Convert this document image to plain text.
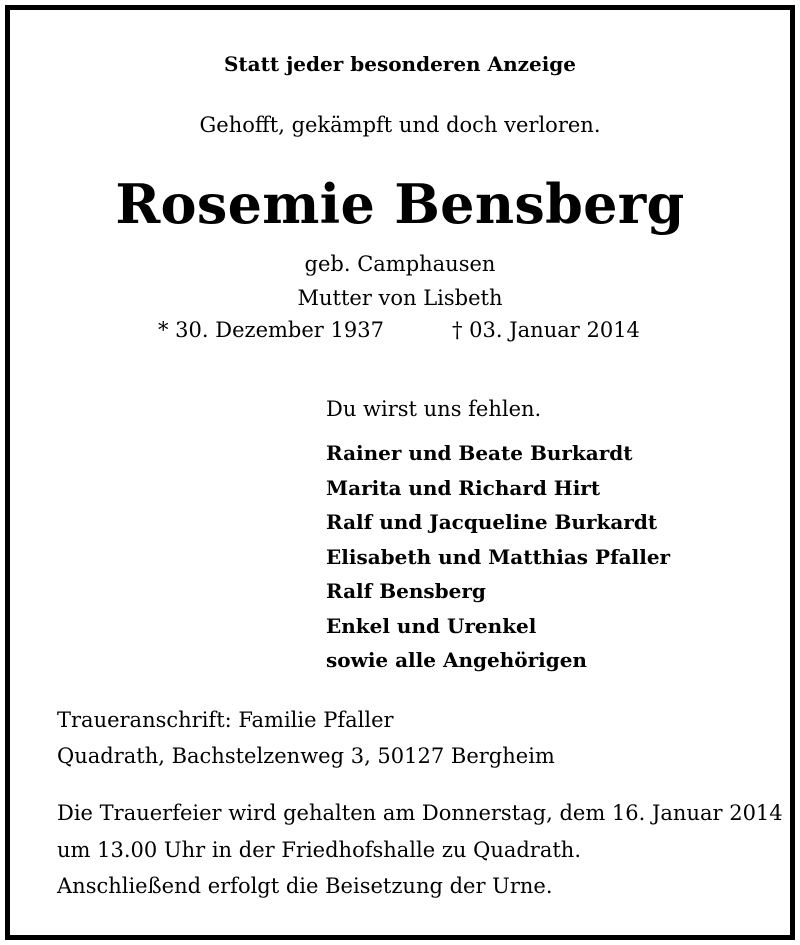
Statt jeder besonderen Anzeige
Gehofft, gekämpft und doch verloren.
Rosemie Bensberg
geb. Camphausen
Mutter von Lisbeth
* 30. Dezember 1937	† 03. Januar 2014
Du wirst uns fehlen.
Rainer und Beate Burkardt
Marita und Richard Hirt
Ralf und Jacqueline Burkardt
Elisabeth und Matthias Pfaller
Ralf Bensberg
Enkel und Urenkel
sowie alle Angehörigen
Traueranschrift: Familie Pfaller
Quadrath, Bachstelzenweg 3, 50127 Bergheim
Die Trauerfeier wird gehalten am Donnerstag, dem 16. Januar 2014
um 13.00 Uhr in der Friedhofshalle zu Quadrath.
Anschließend erfolgt die Beisetzung der Urne.
